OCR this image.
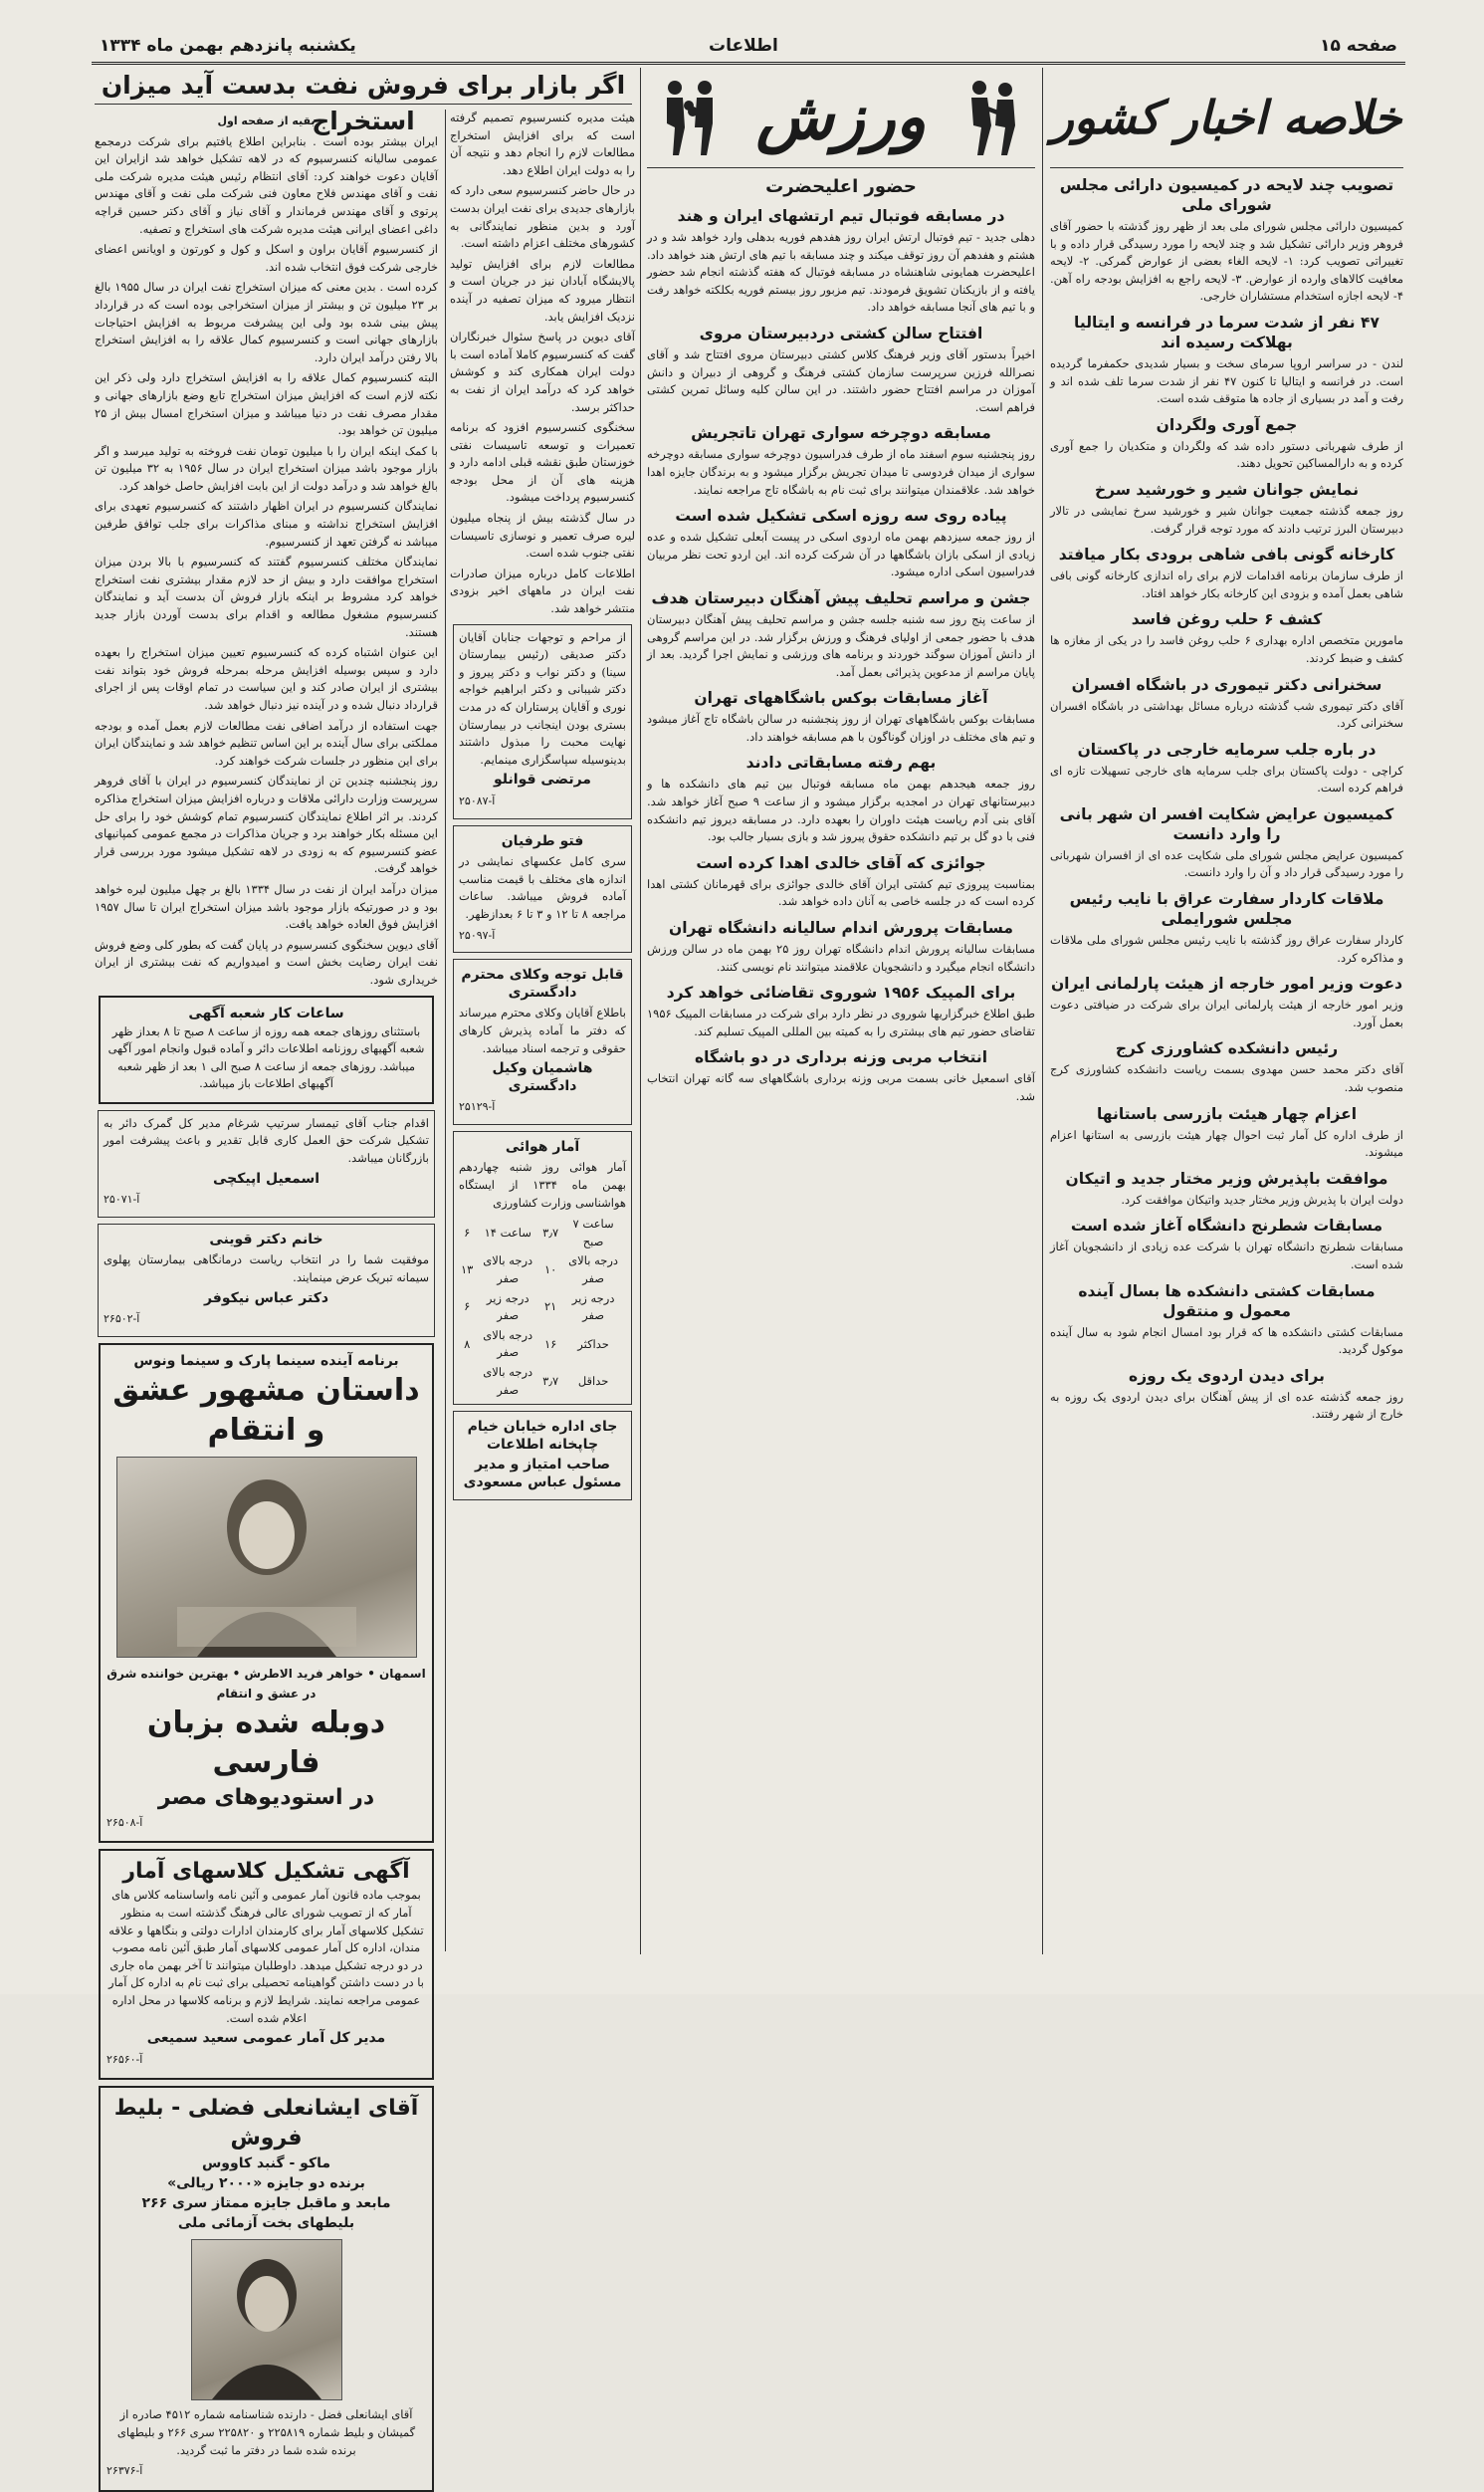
یکشنبه پانزدهم بهمن ماه ۱۳۳۴	اطلاعات	صفحه ۱۵
خلاصه اخبار کشور
تصویب چند لایحه در کمیسیون دارائی مجلس شورای ملی

کمیسیون دارائی مجلس شورای ملی بعد از ظهر روز گذشته با حضور آقای فروهر وزیر دارائی تشکیل شد و چند لایحه را مورد رسیدگی قرار داده و با تغییراتی تصویب کرد: ۱- لایحه الغاء بعضی از عوارض گمرکی. ۲- لایحه معافیت کالاهای وارده از عوارض. ۳- لایحه راجع به افزایش بودجه راه آهن. ۴- لایحه اجازه استخدام مستشاران خارجی.

۴۷ نفر از شدت سرما در فرانسه و ایتالیا بهلاکت رسیده اند

لندن - در سراسر اروپا سرمای سخت و بسیار شدیدی حکمفرما گردیده است. در فرانسه و ایتالیا تا کنون ۴۷ نفر از شدت سرما تلف شده اند و رفت و آمد در بسیاری از جاده ها متوقف شده است.

جمع آوری ولگردان

از طرف شهربانی دستور داده شد که ولگردان و متکدیان را جمع آوری کرده و به دارالمساکین تحویل دهند.

نمایش جوانان شیر و خورشید سرخ

روز جمعه گذشته جمعیت جوانان شیر و خورشید سرخ نمایشی در تالار دبیرستان البرز ترتیب دادند که مورد توجه قرار گرفت.

کارخانه گونی بافی شاهی برودی بکار میافتد

از طرف سازمان برنامه اقدامات لازم برای راه اندازی کارخانه گونی بافی شاهی بعمل آمده و بزودی این کارخانه بکار خواهد افتاد.

کشف ۶ حلب روغن فاسد

مامورین متخصص اداره بهداری ۶ حلب روغن فاسد را در یکی از مغازه ها کشف و ضبط کردند.

سخنرانی دکتر تیموری در باشگاه افسران

آقای دکتر تیموری شب گذشته درباره مسائل بهداشتی در باشگاه افسران سخنرانی کرد.

در باره جلب سرمایه خارجی در پاکستان

کراچی - دولت پاکستان برای جلب سرمایه های خارجی تسهیلات تازه ای فراهم کرده است.

کمیسیون عرایض شکایت افسر ان شهر بانی را وارد دانست

کمیسیون عرایض مجلس شورای ملی شکایت عده ای از افسران شهربانی را مورد رسیدگی قرار داد و آن را وارد دانست.

ملاقات کاردار سفارت عراق با نایب رئیس مجلس شورایملی

کاردار سفارت عراق روز گذشته با نایب رئیس مجلس شورای ملی ملاقات و مذاکره کرد.

دعوت وزیر امور خارجه از هیئت پارلمانی ایران

وزیر امور خارجه از هیئت پارلمانی ایران برای شرکت در ضیافتی دعوت بعمل آورد.

رئیس دانشکده کشاورزی کرج

آقای دکتر محمد حسن مهدوی بسمت ریاست دانشکده کشاورزی کرج منصوب شد.

اعزام چهار هیئت بازرسی باستانها

از طرف اداره کل آمار ثبت احوال چهار هیئت بازرسی به استانها اعزام میشوند.

موافقت باپذیرش وزیر مختار جدید و اتیکان

دولت ایران با پذیرش وزیر مختار جدید واتیکان موافقت کرد.

مسابقات شطرنج دانشگاه آغاز شده است

مسابقات شطرنج دانشگاه تهران با شرکت عده زیادی از دانشجویان آغاز شده است.

مسابقات کشتی دانشکده ها بسال آینده معمول و منتقول

مسابقات کشتی دانشکده ها که قرار بود امسال انجام شود به سال آینده موکول گردید.

برای دیدن اردوی یک روزه

روز جمعه گذشته عده ای از پیش آهنگان برای دیدن اردوی یک روزه به خارج از شهر رفتند.

ورزش
حضور اعلیحضرت
در مسابقه فوتبال تیم ارتشهای ایران و هند

دهلی جدید - تیم فوتبال ارتش ایران روز هفدهم فوریه بدهلی وارد خواهد شد و در هشتم و هفدهم آن روز توقف میکند و چند مسابقه با تیم های ارتش هند خواهد داد. اعلیحضرت همایونی شاهنشاه در مسابقه فوتبال که هفته گذشته انجام شد حضور یافته و از بازیکنان تشویق فرمودند. تیم مزبور روز بیستم فوریه بکلکته خواهد رفت و با تیم های آنجا مسابقه خواهد داد.

افتتاح سالن کشتی دردبیرستان مروی

اخیراً بدستور آقای وزیر فرهنگ کلاس کشتی دبیرستان مروی افتتاح شد و آقای نصرالله فرزین سرپرست سازمان کشتی فرهنگ و گروهی از دبیران و دانش آموزان در مراسم افتتاح حضور داشتند. در این سالن کلیه وسائل تمرین کشتی فراهم است.

مسابقه دوچرخه سواری تهران تاتجریش

روز پنجشنبه سوم اسفند ماه از طرف فدراسیون دوچرخه سواری مسابقه دوچرخه سواری از میدان فردوسی تا میدان تجریش برگزار میشود و به برندگان جایزه اهدا خواهد شد. علاقمندان میتوانند برای ثبت نام به باشگاه تاج مراجعه نمایند.

پیاده روی سه روزه اسکی تشکیل شده است

از روز جمعه سیزدهم بهمن ماه اردوی اسکی در پیست آبعلی تشکیل شده و عده زیادی از اسکی بازان باشگاهها در آن شرکت کرده اند. این اردو تحت نظر مربیان فدراسیون اسکی اداره میشود.

جشن و مراسم تحلیف پیش آهنگان دبیرستان هدف

از ساعت پنج روز سه شنبه جلسه جشن و مراسم تحلیف پیش آهنگان دبیرستان هدف با حضور جمعی از اولیای فرهنگ و ورزش برگزار شد. در این مراسم گروهی از دانش آموزان سوگند خوردند و برنامه های ورزشی و نمایش اجرا گردید. بعد از پایان مراسم از مدعوین پذیرائی بعمل آمد.

آغاز مسابقات بوکس باشگاههای تهران

مسابقات بوکس باشگاههای تهران از روز پنجشنبه در سالن باشگاه تاج آغاز میشود و تیم های مختلف در اوزان گوناگون با هم مسابقه خواهند داد.

بهم رفته مسابقاتی دادند

روز جمعه هیجدهم بهمن ماه مسابقه فوتبال بین تیم های دانشکده ها و دبیرستانهای تهران در امجدیه برگزار میشود و از ساعت ۹ صبح آغاز خواهد شد. آقای بنی آدم ریاست هیئت داوران را بعهده دارد. در مسابقه دیروز تیم دانشکده فنی با دو گل بر تیم دانشکده حقوق پیروز شد و بازی بسیار جالب بود.

جوائزی که آقای خالدی اهدا کرده است

بمناسبت پیروزی تیم کشتی ایران آقای خالدی جوائزی برای قهرمانان کشتی اهدا کرده است که در جلسه خاصی به آنان داده خواهد شد.

مسابقات پرورش اندام سالیانه دانشگاه تهران

مسابقات سالیانه پرورش اندام دانشگاه تهران روز ۲۵ بهمن ماه در سالن ورزش دانشگاه انجام میگیرد و دانشجویان علاقمند میتوانند نام نویسی کنند.

برای المپیک ۱۹۵۶ شوروی تقاضائی خواهد کرد

طبق اطلاع خبرگزاریها شوروی در نظر دارد برای شرکت در مسابقات المپیک ۱۹۵۶ تقاضای حضور تیم های بیشتری را به کمیته بین المللی المپیک تسلیم کند.

انتخاب مربی وزنه برداری در دو باشگاه

آقای اسمعیل خانی بسمت مربی وزنه برداری باشگاههای سه گانه تهران انتخاب شد.

اگر بازار برای فروش نفت بدست آید میزان استخراج	هیئت مدیره کنسرسیوم تصمیم گرفته است که برای افزایش استخراج مطالعات لازم را انجام دهد و نتیجه آن را به دولت ایران اطلاع دهد.

در حال حاضر کنسرسیوم سعی دارد که بازارهای جدیدی برای نفت ایران بدست آورد و بدین منظور نمایندگانی به کشورهای مختلف اعزام داشته است.

مطالعات لازم برای افزایش تولید پالایشگاه آبادان نیز در جریان است و انتظار میرود که میزان تصفیه در آینده نزدیک افزایش یابد.

آقای دیوین در پاسخ سئوال خبرنگاران گفت که کنسرسیوم کاملا آماده است با دولت ایران همکاری کند و کوشش خواهد کرد که درآمد ایران از نفت به حداکثر برسد.

سخنگوی کنسرسیوم افزود که برنامه تعمیرات و توسعه تاسیسات نفتی خوزستان طبق نقشه قبلی ادامه دارد و هزینه های آن از محل بودجه کنسرسیوم پرداخت میشود.

در سال گذشته بیش از پنجاه میلیون لیره صرف تعمیر و نوسازی تاسیسات نفتی جنوب شده است.

اطلاعات کامل درباره میزان صادرات نفت ایران در ماههای اخیر بزودی منتشر خواهد شد.

از مراحم و توجهات جنابان آقایان دکتر صدیقی (رئیس بیمارستان سینا) و دکتر نواب و دکتر پیروز و دکتر شیبانی و دکتر ابراهیم خواجه نوری و آقایان پرستاران که در مدت بستری بودن اینجانب در بیمارستان نهایت محبت را مبذول داشتند بدینوسیله سپاسگزاری مینمایم.

مرتضی قوانلو
آ-۲۵۰۸۷
فتو طرفیان

سری کامل عکسهای نمایشی در اندازه های مختلف با قیمت مناسب آماده فروش میباشد. ساعات مراجعه ۸ تا ۱۲ و ۳ تا ۶ بعدازظهر.

آ-۲۵۰۹۷
قابل توجه وکلای محترم دادگستری

باطلاع آقایان وکلای محترم میرساند که دفتر ما آماده پذیرش کارهای حقوقی و ترجمه اسناد میباشد.

هاشمیان وکیل دادگستری
آ-۲۵۱۲۹
آمار هوائی

آمار هوائی روز شنبه چهاردهم بهمن ماه ۱۳۳۴ از ایستگاه هواشناسی وزارت کشاورزی

ساعت ۷ صبح	۳٫۷	ساعت ۱۴	۶
درجه بالای صفر	۱۰	درجه بالای صفر	۱۳
درجه زیر صفر	۲۱	درجه زیر صفر	۶
حداکثر	۱۶	درجه بالای صفر	۸
حداقل	۳٫۷	درجه بالای صفر	
جای اداره خیابان خیام چاپخانه اطلاعات
صاحب امتیاز و مدیر مسئول عباس مسعودی
بقیه از صفحه اول

ایران بیشتر بوده است . بنابراین اطلاع یافتیم برای شرکت درمجمع عمومی سالیانه کنسرسیوم که در لاهه تشکیل خواهد شد ازایران این آقایان دعوت خواهند کرد: آقای انتظام رئیس هیئت مدیره شرکت ملی نفت و آقای مهندس فلاح معاون فنی شرکت ملی نفت و آقای مهندس پرتوی و آقای مهندس فرماندار و آقای نیاز و آقای دکتر حسین قراچه داغی اعضای ایرانی هیئت مدیره شرکت های استخراج و تصفیه.

از کنسرسیوم آقایان براون و اسکل و کول و کورتون و اویانس اعضای خارجی شرکت فوق انتخاب شده اند.

کرده است . بدین معنی که میزان استخراج نفت ایران در سال ۱۹۵۵ بالغ بر ۲۳ میلیون تن و بیشتر از میزان استخراجی بوده است که در قرارداد پیش بینی شده بود ولی این پیشرفت مربوط به افزایش احتیاجات بازارهای جهانی است و کنسرسیوم کمال علاقه را به افزایش استخراج بالا رفتن درآمد ایران دارد.

البته کنسرسیوم کمال علاقه را به افزایش استخراج دارد ولی ذکر این نکته لازم است که افزایش میزان استخراج تابع وضع بازارهای جهانی و مقدار مصرف نفت در دنیا میباشد و میزان استخراج امسال بیش از ۲۵ میلیون تن خواهد بود.

با کمک اینکه ایران را با میلیون تومان نفت فروخته به تولید میرسد و اگر بازار موجود باشد میزان استخراج ایران در سال ۱۹۵۶ به ۳۲ میلیون تن بالغ خواهد شد و درآمد دولت از این بابت افزایش حاصل خواهد کرد.

نمایندگان کنسرسیوم در ایران اظهار داشتند که کنسرسیوم تعهدی برای افزایش استخراج نداشته و مبنای مذاکرات برای جلب توافق طرفین میباشد نه گرفتن تعهد از کنسرسیوم.

نمایندگان مختلف کنسرسیوم گفتند که کنسرسیوم با بالا بردن میزان استخراج موافقت دارد و بیش از حد لازم مقدار بیشتری نفت استخراج خواهد کرد مشروط بر اینکه بازار فروش آن بدست آید و نمایندگان کنسرسیوم مشغول مطالعه و اقدام برای بدست آوردن بازار جدید هستند.

این عنوان اشتباه کرده که کنسرسیوم تعیین میزان استخراج را بعهده دارد و سپس بوسیله افزایش مرحله بمرحله فروش خود بتواند نفت بیشتری از ایران صادر کند و این سیاست در تمام اوقات پس از اجرای قرارداد دنبال شده و در آینده نیز دنبال خواهد شد.

جهت استفاده از درآمد اضافی نفت مطالعات لازم بعمل آمده و بودجه مملکتی برای سال آینده بر این اساس تنظیم خواهد شد و نمایندگان ایران برای این منظور در جلسات شرکت خواهند کرد.

روز پنجشنبه چندین تن از نمایندگان کنسرسیوم در ایران با آقای فروهر سرپرست وزارت دارائی ملاقات و درباره افزایش میزان استخراج مذاکره کردند. بر اثر اطلاع نمایندگان کنسرسیوم تمام کوشش خود را برای حل این مسئله بکار خواهند برد و جریان مذاکرات در مجمع عمومی کمپانیهای عضو کنسرسیوم که به زودی در لاهه تشکیل میشود مورد بررسی قرار خواهد گرفت.

میزان درآمد ایران از نفت در سال ۱۳۳۴ بالغ بر چهل میلیون لیره خواهد بود و در صورتیکه بازار موجود باشد میزان استخراج ایران تا سال ۱۹۵۷ افزایش فوق العاده خواهد یافت.

آقای دیوین سخنگوی کنسرسیوم در پایان گفت که بطور کلی وضع فروش نفت ایران رضایت بخش است و امیدواریم که نفت بیشتری از ایران خریداری شود.

ساعات کار شعبه آگهی

باستثنای روزهای جمعه همه روزه از ساعت ۸ صبح تا ۸ بعداز ظهر شعبه آگهیهای روزنامه اطلاعات دائر و آماده قبول وانجام امور آگهی میباشد. روزهای جمعه از ساعت ۸ صبح الی ۱ بعد از ظهر شعبه آگهیهای اطلاعات باز میباشد.

اقدام جناب آقای تیمسار سرتیپ شرغام مدیر کل گمرک دائر به تشکیل شرکت حق العمل کاری قابل تقدیر و باعث پیشرفت امور بازرگانان میباشد.

اسمعیل اپیکچی
آ-۲۵۰۷۱
خانم دکتر قوینی

موفقیت شما را در انتخاب ریاست درمانگاهی بیمارستان پهلوی سیمانه تبریک عرض مینمایند.

دکتر عباس نیکوفر
آ-۲۶۵۰۲
برنامه آینده سینما پارک و سینما ونوس
داستان مشهور عشق و انتقام
اسمهان • خواهر فرید الاطرش • بهترین خواننده شرق در عشق و انتقام
دوبله شده بزبان فارسی
در استودیوهای مصر
آ-۲۶۵۰۸
آگهی تشکیل کلاسهای آمار

بموجب ماده قانون آمار عمومی و آئین نامه واساسنامه کلاس های آمار که از تصویب شورای عالی فرهنگ گذشته است به منظور تشکیل کلاسهای آمار برای کارمندان ادارات دولتی و بنگاهها و علاقه مندان، اداره کل آمار عمومی کلاسهای آمار طبق آئین نامه مصوب در دو درجه تشکیل میدهد. داوطلبان میتوانند تا آخر بهمن ماه جاری با در دست داشتن گواهینامه تحصیلی برای ثبت نام به اداره کل آمار عمومی مراجعه نمایند. شرایط لازم و برنامه کلاسها در محل اداره اعلام شده است.

مدیر کل آمار عمومی سعید سمیعی
آ-۲۶۵۶۰
آقای ایشانعلی فضلی - بلیط فروش
ماکو - گنبد کاووس
برنده دو جایزه «۲۰۰۰ ریالی»
مابعد و ماقبل جایزه ممتاز سری ۲۶۶
بلیطهای بخت آزمائی ملی

آقای ایشانعلی فضل - دارنده شناسنامه شماره ۴۵۱۲ صادره از گمیشان و بلیط شماره ۲۲۵۸۱۹ و ۲۲۵۸۲۰ سری ۲۶۶ و بلیطهای برنده شده شما در دفتر ما ثبت گردید.

آ-۲۶۳۷۶
